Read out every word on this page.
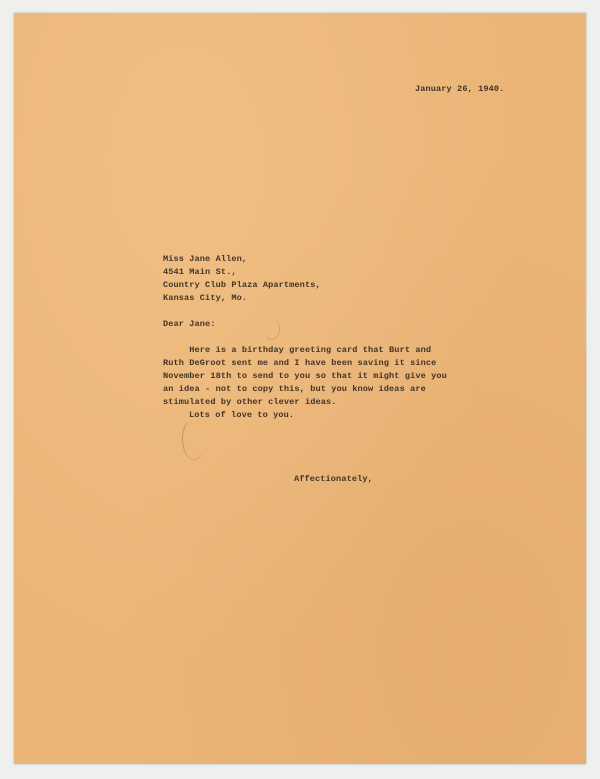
January 26, 1940.
Miss Jane Allen,
4541 Main St.,
Country Club Plaza Apartments,
Kansas City, Mo.
Dear Jane:
Here is a birthday greeting card that Burt and
Ruth DeGroot sent me and I have been saving it since
November 18th to send to you so that it might give you
an idea - not to copy this, but you know ideas are
stimulated by other clever ideas.
Lots of love to you.
Affectionately,
